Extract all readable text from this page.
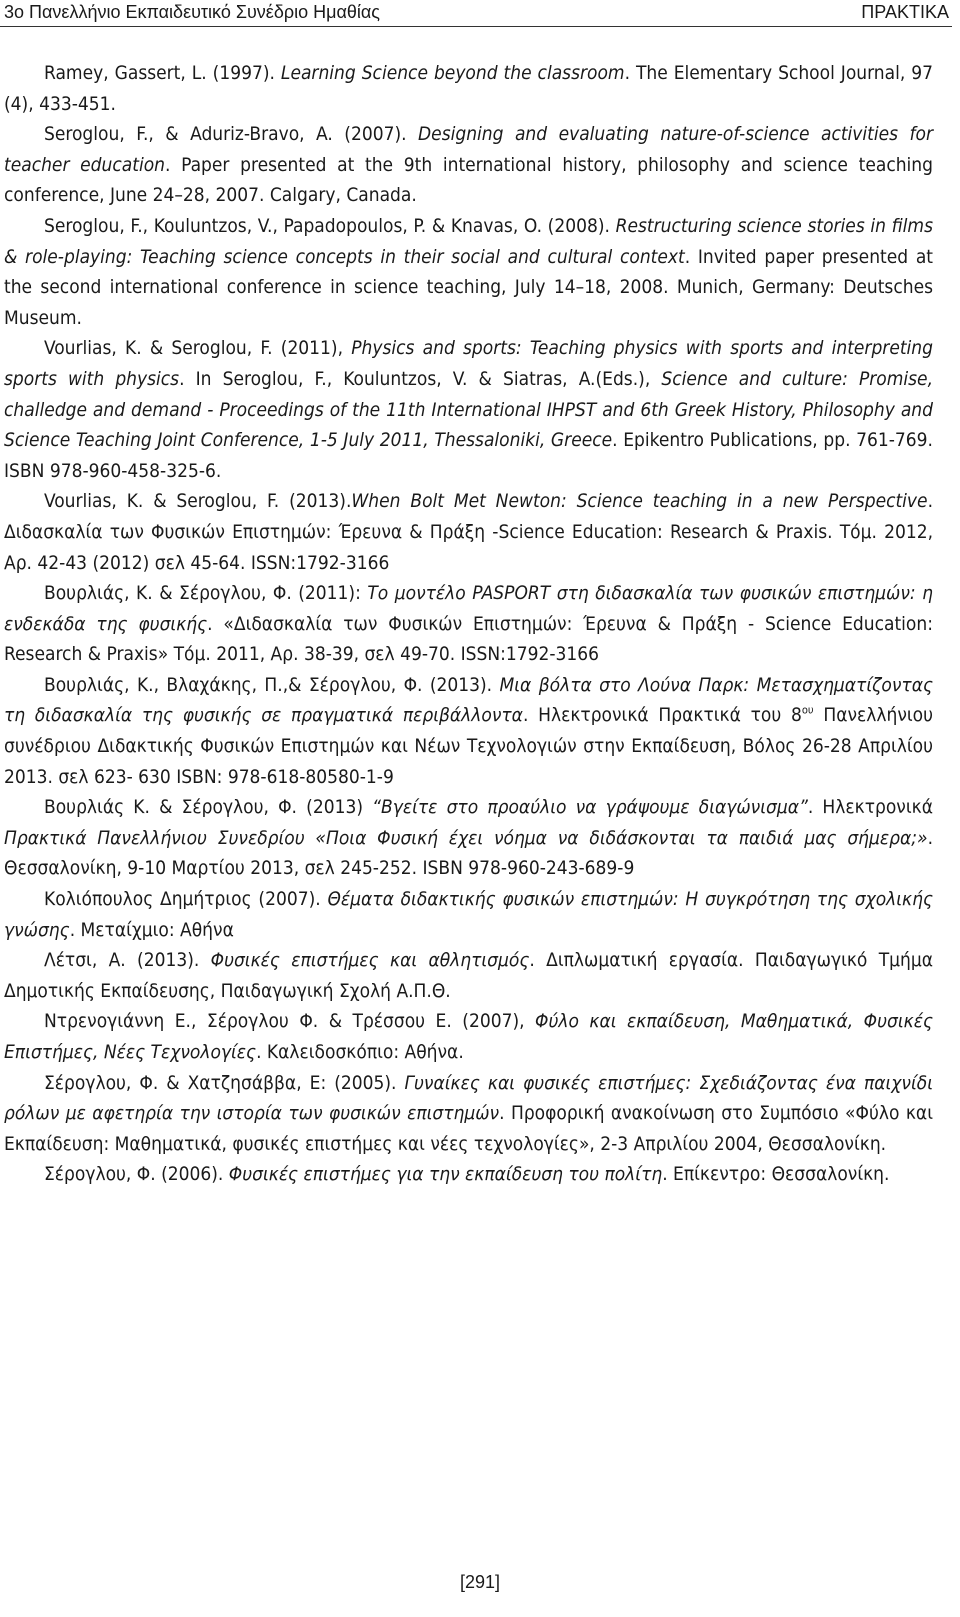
3ο Πανελλήνιο Εκπαιδευτικό Συνέδριο Ημαθίας	ΠΡΑΚΤΙΚΑ
Ramey, Gassert, L. (1997). Learning Science beyond the classroom. The Elementary School Journal, 97 (4), 433-451.
Seroglou, F., & Aduriz-Bravo, A. (2007). Designing and evaluating nature-of-science activities for teacher education. Paper presented at the 9th international history, philosophy and science teaching conference, June 24–28, 2007. Calgary, Canada.
Seroglou, F., Kouluntzos, V., Papadopoulos, P. & Knavas, O. (2008). Restructuring science stories in films & role-playing: Teaching science concepts in their social and cultural context. Invited paper presented at the second international conference in science teaching, July 14–18, 2008. Munich, Germany: Deutsches Museum.
Vourlias, K. & Seroglou, F. (2011), Physics and sports: Teaching physics with sports and interpreting sports with physics. In Seroglou, F., Kouluntzos, V. & Siatras, A.(Eds.), Science and culture: Promise, challedge and demand - Proceedings of the 11th International IHPST and 6th Greek History, Philosophy and Science Teaching Joint Conference, 1-5 July 2011, Thessaloniki, Greece. Epikentro Publications, pp. 761-769. ISBN 978-960-458-325-6.
Vourlias, K. & Seroglou, F. (2013).When Bolt Met Newton: Science teaching in a new Perspective. Διδασκαλία των Φυσικών Επιστημών: Έρευνα & Πράξη -Science Education: Research & Praxis. Τόμ. 2012, Αρ. 42-43 (2012) σελ 45-64. ISSN:1792-3166
Βουρλιάς, Κ. & Σέρογλου, Φ. (2011): Το μοντέλο PASPORT στη διδασκαλία των φυσικών επιστημών: η ενδεκάδα της φυσικής. «Διδασκαλία των Φυσικών Επιστημών: Έρευνα & Πράξη - Science Education: Research & Praxis» Τόμ. 2011, Αρ. 38-39, σελ 49-70. ISSN:1792-3166
Βουρλιάς, Κ., Βλαχάκης, Π.,& Σέρογλου, Φ. (2013). Μια βόλτα στο Λούνα Παρκ: Μετασχηματίζοντας τη διδασκαλία της φυσικής σε πραγματικά περιβάλλοντα. Ηλεκτρονικά Πρακτικά του $8^{o\upsilon}$ Πανελλήνιου συνέδριου Διδακτικής Φυσικών Επιστημών και Νέων Τεχνολογιών στην Εκπαίδευση, Βόλος 26-28 Απριλίου 2013. σελ 623- 630 ISBN: 978-618-80580-1-9
Βουρλιάς Κ. & Σέρογλου, Φ. (2013) “Βγείτε στο προαύλιο να γράψουμε διαγώνισμα”. Ηλεκτρονικά Πρακτικά Πανελλήνιου Συνεδρίου «Ποια Φυσική έχει νόημα να διδάσκονται τα παιδιά μας σήμερα;». Θεσσαλονίκη, 9-10 Μαρτίου 2013, σελ 245-252. ISBN 978-960-243-689-9
Κολιόπουλος Δημήτριος (2007). Θέματα διδακτικής φυσικών επιστημών: Η συγκρότηση της σχολικής γνώσης. Μεταίχμιο: Αθήνα
Λέτσι, Α. (2013). Φυσικές επιστήμες και αθλητισμός. Διπλωματική εργασία. Παιδαγωγικό Τμήμα Δημοτικής Εκπαίδευσης, Παιδαγωγική Σχολή Α.Π.Θ.
Ντρενογιάννη Ε., Σέρογλου Φ. & Τρέσσου Ε. (2007), Φύλο και εκπαίδευση, Μαθηματικά, Φυσικές Επιστήμες, Νέες Τεχνολογίες. Καλειδοσκόπιο: Αθήνα.
Σέρογλου, Φ. & Χατζησάββα, Ε: (2005). Γυναίκες και φυσικές επιστήμες: Σχεδιάζοντας ένα παιχνίδι ρόλων με αφετηρία την ιστορία των φυσικών επιστημών. Προφορική ανακοίνωση στο Συμπόσιο «Φύλο και Εκπαίδευση: Μαθηματικά, φυσικές επιστήμες και νέες τεχνολογίες», 2-3 Απριλίου 2004, Θεσσαλονίκη.
Σέρογλου, Φ. (2006). Φυσικές επιστήμες για την εκπαίδευση του πολίτη. Επίκεντρο: Θεσσαλονίκη.
[291]
